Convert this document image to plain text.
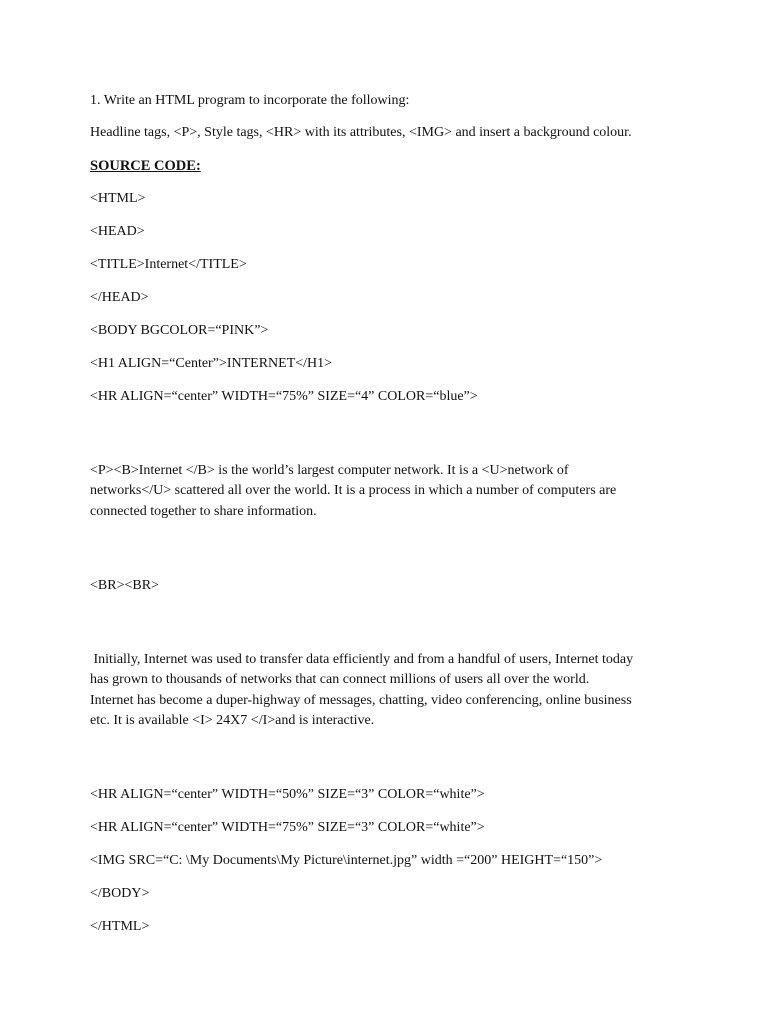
1. Write an HTML program to incorporate the following:

Headline tags, <P>, Style tags, <HR> with its attributes, <IMG> and insert a background colour.

SOURCE CODE:

<HTML>

<HEAD>

<TITLE>Internet</TITLE>

</HEAD>

<BODY BGCOLOR=“PINK”>

<H1 ALIGN=“Center”>INTERNET</H1>

<HR ALIGN=“center” WIDTH=“75%” SIZE=“4” COLOR=“blue”>

<P><B>Internet </B> is the world’s largest computer network. It is a <U>network of
networks</U> scattered all over the world. It is a process in which a number of computers are
connected together to share information.

<BR><BR>

Initially, Internet was used to transfer data efficiently and from a handful of users, Internet today
has grown to thousands of networks that can connect millions of users all over the world.
Internet has become a duper-highway of messages, chatting, video conferencing, online business
etc. It is available <I> 24X7 </I>and is interactive.

<HR ALIGN=“center” WIDTH=“50%” SIZE=“3” COLOR=“white”>

<HR ALIGN=“center” WIDTH=“75%” SIZE=“3” COLOR=“white”>

<IMG SRC=“C: \My Documents\My Picture\internet.jpg” width =“200” HEIGHT=“150”>

</BODY>

</HTML>
